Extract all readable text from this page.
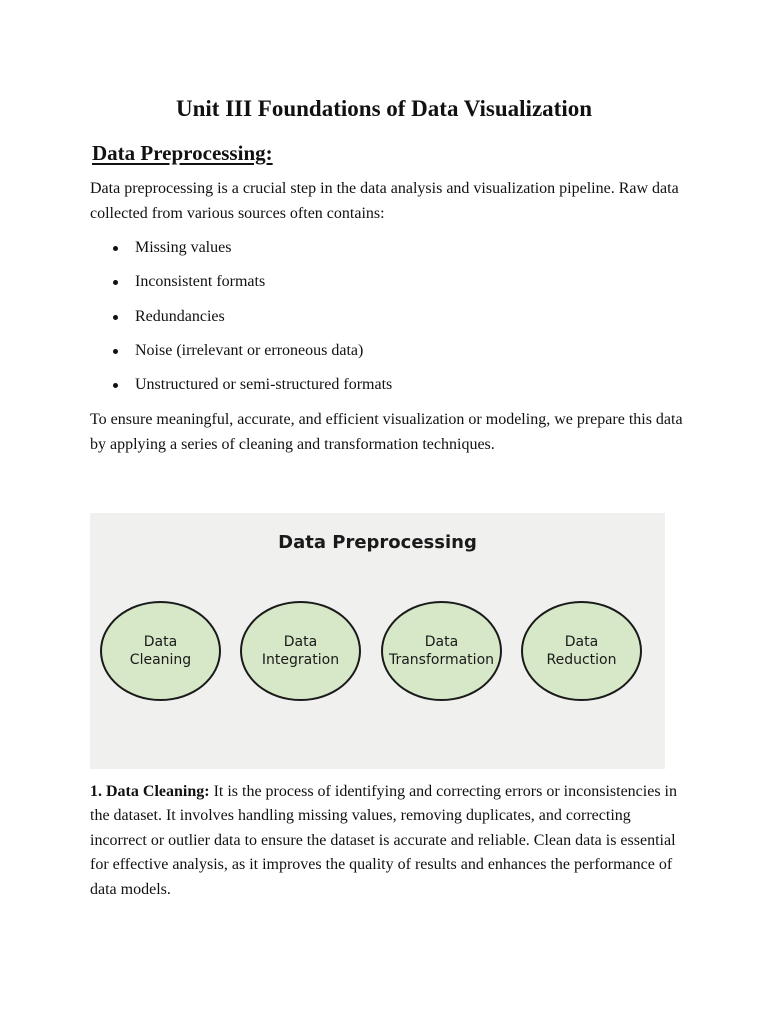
Unit III Foundations of Data Visualization
Data Preprocessing:

Data preprocessing is a crucial step in the data analysis and visualization pipeline. Raw data collected from various sources often contains:

Missing values
Inconsistent formats
Redundancies
Noise (irrelevant or erroneous data)
Unstructured or semi-structured formats

To ensure meaningful, accurate, and efficient visualization or modeling, we prepare this data by applying a series of cleaning and transformation techniques.

Data Preprocessing
Data
Cleaning
Data
Integration
Data
Transformation
Data
Reduction

1. Data Cleaning: It is the process of identifying and correcting errors or inconsistencies in the dataset. It involves handling missing values, removing duplicates, and correcting incorrect or outlier data to ensure the dataset is accurate and reliable. Clean data is essential for effective analysis, as it improves the quality of results and enhances the performance of data models.
